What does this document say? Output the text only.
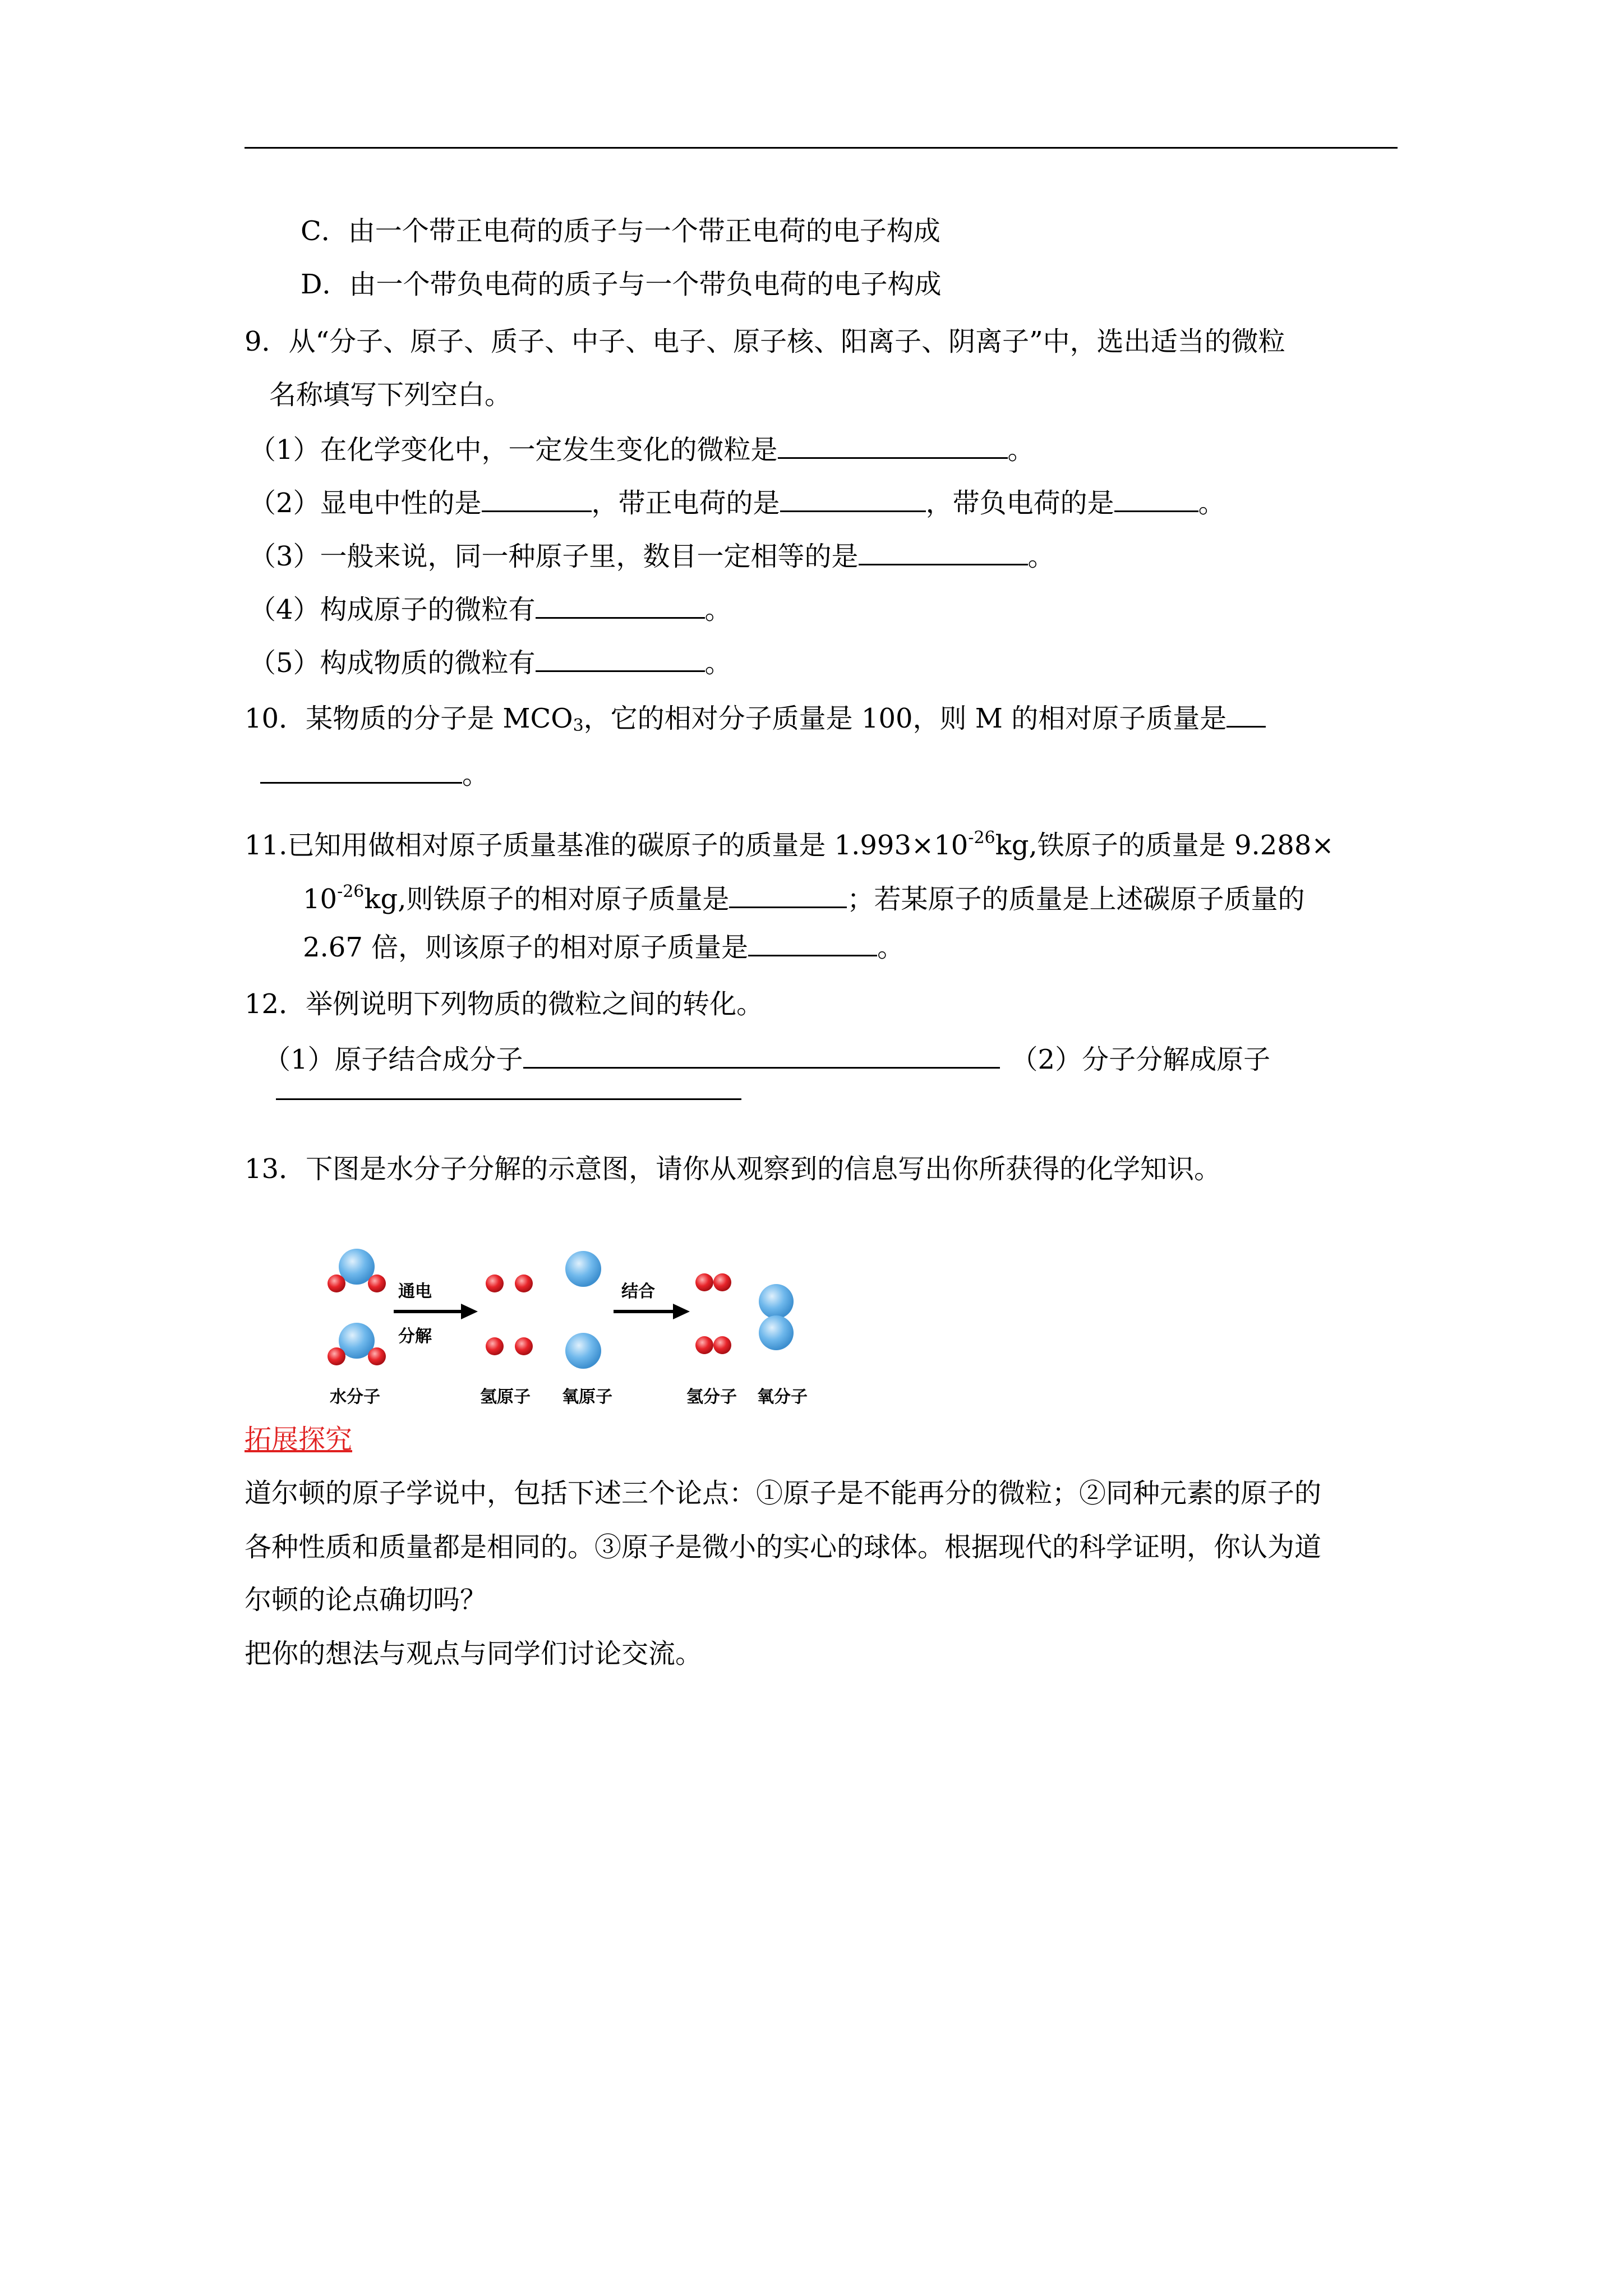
C．由一个带正电荷的质子与一个带正电荷的电子构成
D．由一个带负电荷的质子与一个带负电荷的电子构成
9．从“分子、原子、质子、中子、电子、原子核、阳离子、阴离子”中，选出适当的微粒
名称填写下列空白。
（1）在化学变化中，一定发生变化的微粒是	。
（2）显电中性的是	，带正电荷的是	，带负电荷的是	。
（3）一般来说，同一种原子里，数目一定相等的是	。
（4）构成原子的微粒有	。
（5）构成物质的微粒有	。
10．某物质的分子是 $MCO_3$，它的相对分子质量是 100，则 M 的相对原子质量是
。
11.已知用做相对原子质量基准的碳原子的质量是 $1.993\times 10^{-26}kg$,铁原子的质量是 9.288×
$10^{-26}kg$,则铁原子的相对原子质量是	；若某原子的质量是上述碳原子质量的
2.67 倍，则该原子的相对原子质量是	。
12．举例说明下列物质的微粒之间的转化。
（1）原子结合成分子	（2）分子分解成原子
13．下图是水分子分解的示意图，请你从观察到的信息写出你所获得的化学知识。
通电
分解
结合
水分子	氢原子 氧原子	氢分子 氧分子
拓展探究
道尔顿的原子学说中，包括下述三个论点：①原子是不能再分的微粒；②同种元素的原子的
各种性质和质量都是相同的。③原子是微小的实心的球体。根据现代的科学证明，你认为道
尔顿的论点确切吗？
把你的想法与观点与同学们讨论交流。
